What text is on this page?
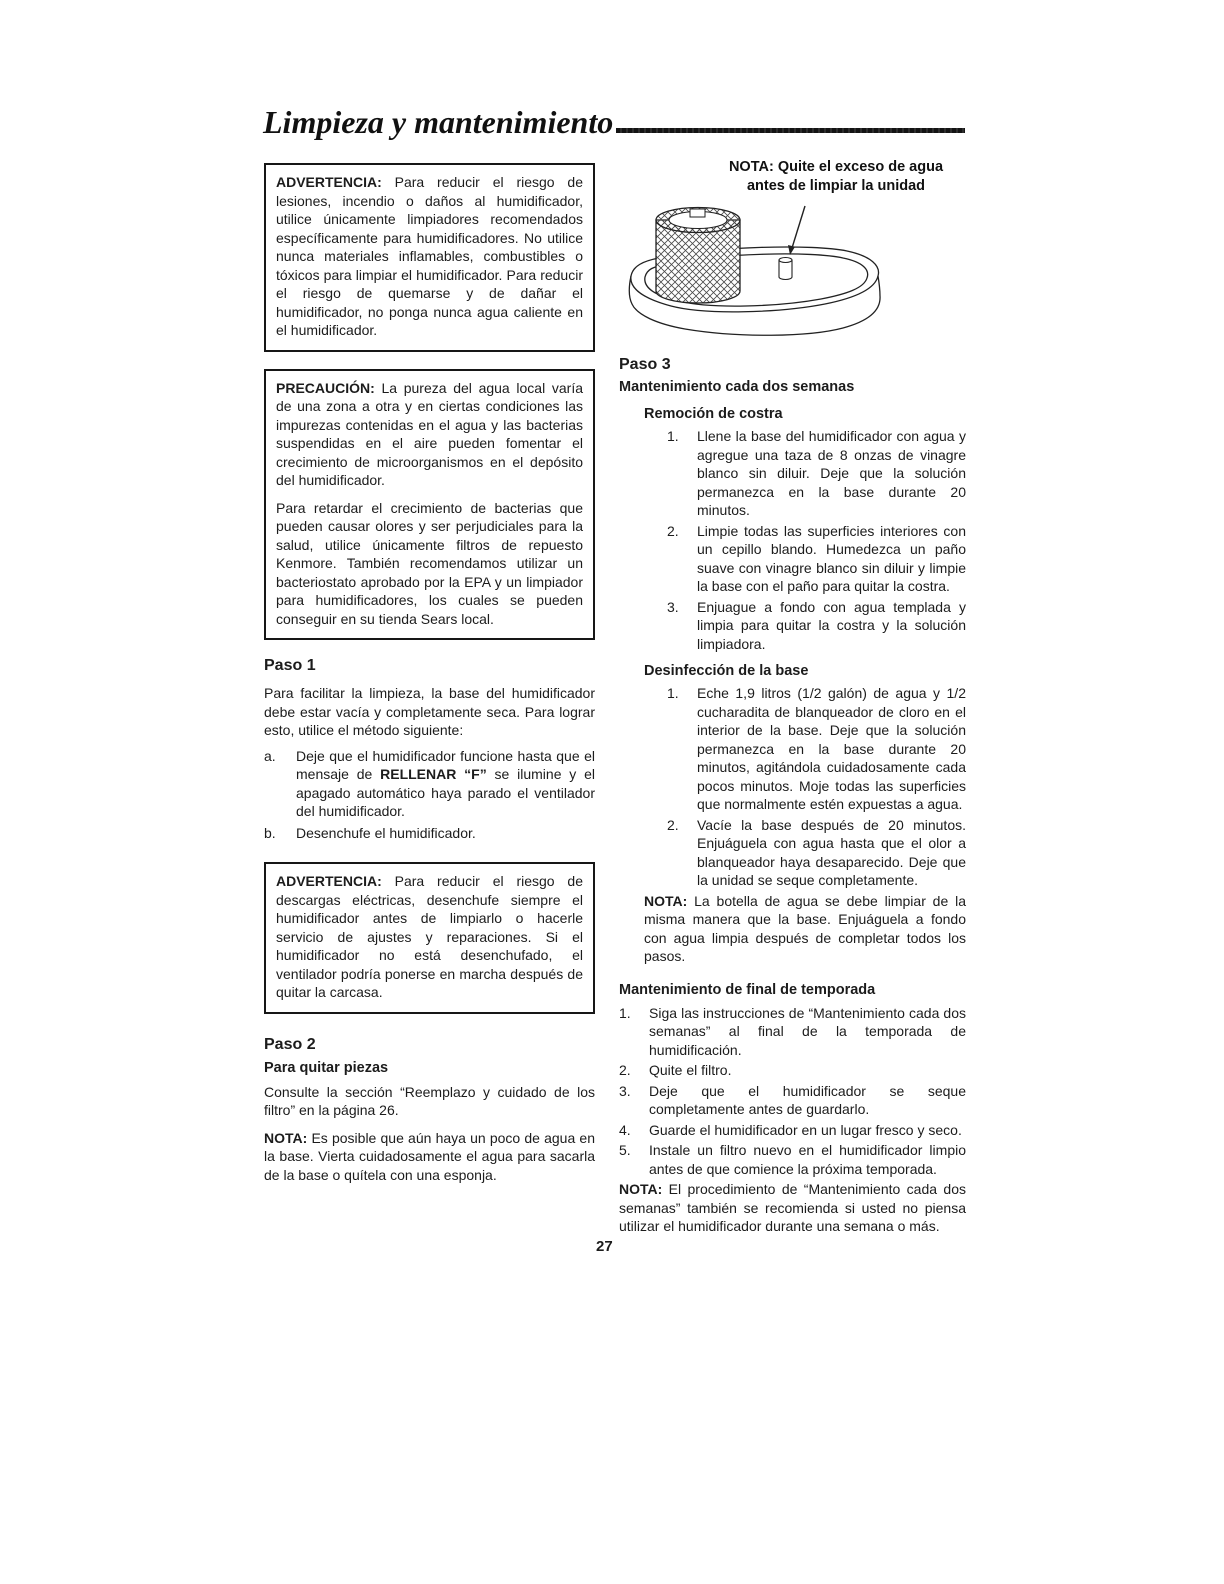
Limpieza y mantenimiento

ADVERTENCIA: Para reducir el riesgo de lesiones, incendio o daños al humidificador, utilice únicamente limpiadores recomendados específicamente para humidificadores. No utilice nunca materiales inflamables, combustibles o tóxicos para limpiar el humidificador. Para reducir el riesgo de quemarse y de dañar el humidificador, no ponga nunca agua caliente en el humidificador.

PRECAUCIÓN: La pureza del agua local varía de una zona a otra y en ciertas condiciones las impurezas contenidas en el agua y las bacterias suspendidas en el aire pueden fomentar el crecimiento de microorganismos en el depósito del humidificador.

Para retardar el crecimiento de bacterias que pueden causar olores y ser perjudiciales para la salud, utilice únicamente filtros de repuesto Kenmore. También recomendamos utilizar un bacteriostato aprobado por la EPA y un limpiador para humidificadores, los cuales se pueden conseguir en su tienda Sears local.

Paso 1

Para facilitar la limpieza, la base del humidificador debe estar vacía y completamente seca. Para lograr esto, utilice el método siguiente:

a.	Deje que el humidificador funcione hasta que el mensaje de RELLENAR “F” se ilumine y el apagado automático haya parado el ventilador del humidificador.
b.	Desenchufe el humidificador.

ADVERTENCIA: Para reducir el riesgo de descargas eléctricas, desenchufe siempre el humidificador antes de limpiarlo o hacerle servicio de ajustes y reparaciones. Si el humidificador no está desenchufado, el ventilador podría ponerse en marcha después de quitar la carcasa.

Paso 2
Para quitar piezas

Consulte la sección “Reemplazo y cuidado de los filtro” en la página 26.

NOTA: Es posible que aún haya un poco de agua en la base. Vierta cuidadosamente el agua para sacarla de la base o quítela con una esponja.

NOTA: Quite el exceso de agua
antes de limpiar la unidad
Paso 3
Mantenimiento cada dos semanas
Remoción de costra
1.	Llene la base del humidificador con agua y agregue una taza de 8 onzas de vinagre blanco sin diluir. Deje que la solución permanezca en la base durante 20 minutos.
2.	Limpie todas las superficies interiores con un cepillo blando. Humedezca un paño suave con vinagre blanco sin diluir y limpie la base con el paño para quitar la costra.
3.	Enjuague a fondo con agua templada y limpia para quitar la costra y la solución limpiadora.
Desinfección de la base
1.	Eche 1,9 litros (1/2 galón) de agua y 1/2 cucharadita de blanqueador de cloro en el interior de la base. Deje que la solución permanezca en la base durante 20 minutos, agitándola cuidadosamente cada pocos minutos. Moje todas las superficies que normalmente estén expuestas a agua.
2.	Vacíe la base después de 20 minutos. Enjuáguela con agua hasta que el olor a blanqueador haya desaparecido. Deje que la unidad se seque completamente.

NOTA: La botella de agua se debe limpiar de la misma manera que la base. Enjuáguela a fondo con agua limpia después de completar todos los pasos.

Mantenimiento de final de temporada
1.	Siga las instrucciones de “Mantenimiento cada dos semanas” al final de la temporada de humidificación.
2.	Quite el filtro.
3.	Deje que el humidificador se seque completamente antes de guardarlo.
4.	Guarde el humidificador en un lugar fresco y seco.
5.	Instale un filtro nuevo en el humidificador limpio antes de que comience la próxima temporada.

NOTA: El procedimiento de “Mantenimiento cada dos semanas” también se recomienda si usted no piensa utilizar el humidificador durante una semana o más.

27
